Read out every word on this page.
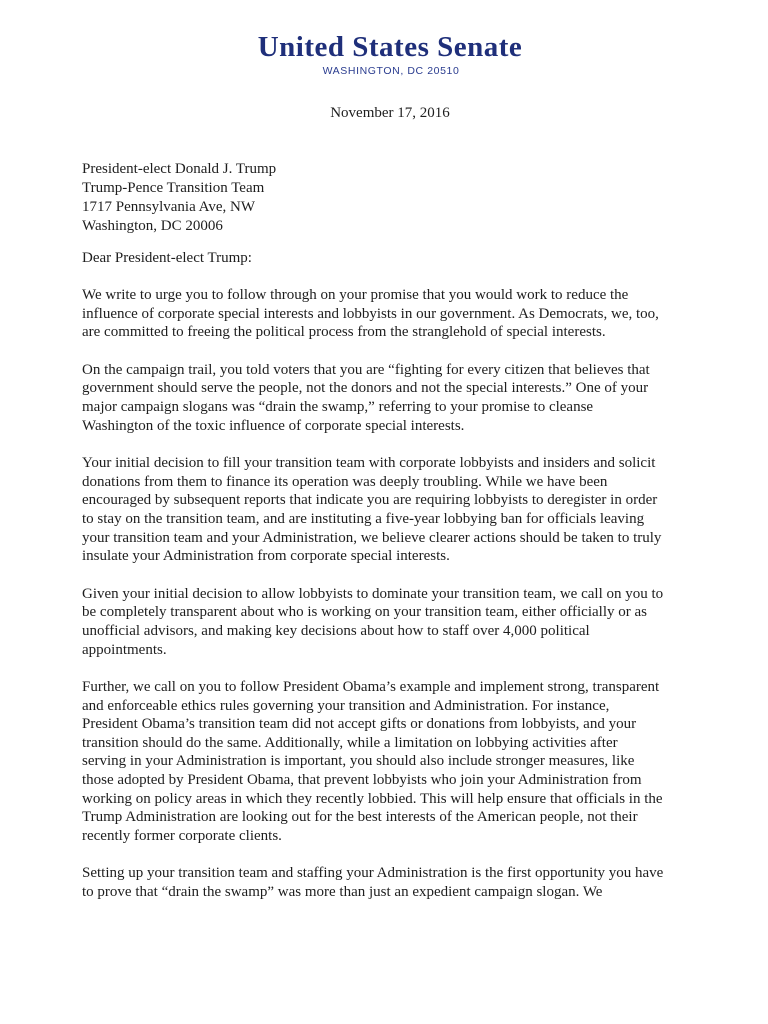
United States Senate
WASHINGTON, DC 20510
November 17, 2016
President-elect Donald J. Trump
Trump-Pence Transition Team
1717 Pennsylvania Ave, NW
Washington, DC 20006
Dear President-elect Trump:

We write to urge you to follow through on your promise that you would work to reduce the
influence of corporate special interests and lobbyists in our government. As Democrats, we, too,
are committed to freeing the political process from the stranglehold of special interests.

On the campaign trail, you told voters that you are “fighting for every citizen that believes that
government should serve the people, not the donors and not the special interests.” One of your
major campaign slogans was “drain the swamp,” referring to your promise to cleanse
Washington of the toxic influence of corporate special interests.

Your initial decision to fill your transition team with corporate lobbyists and insiders and solicit
donations from them to finance its operation was deeply troubling. While we have been
encouraged by subsequent reports that indicate you are requiring lobbyists to deregister in order
to stay on the transition team, and are instituting a five-year lobbying ban for officials leaving
your transition team and your Administration, we believe clearer actions should be taken to truly
insulate your Administration from corporate special interests.

Given your initial decision to allow lobbyists to dominate your transition team, we call on you to
be completely transparent about who is working on your transition team, either officially or as
unofficial advisors, and making key decisions about how to staff over 4,000 political
appointments.

Further, we call on you to follow President Obama’s example and implement strong, transparent
and enforceable ethics rules governing your transition and Administration. For instance,
President Obama’s transition team did not accept gifts or donations from lobbyists, and your
transition should do the same. Additionally, while a limitation on lobbying activities after
serving in your Administration is important, you should also include stronger measures, like
those adopted by President Obama, that prevent lobbyists who join your Administration from
working on policy areas in which they recently lobbied. This will help ensure that officials in the
Trump Administration are looking out for the best interests of the American people, not their
recently former corporate clients.

Setting up your transition team and staffing your Administration is the first opportunity you have
to prove that “drain the swamp” was more than just an expedient campaign slogan. We
